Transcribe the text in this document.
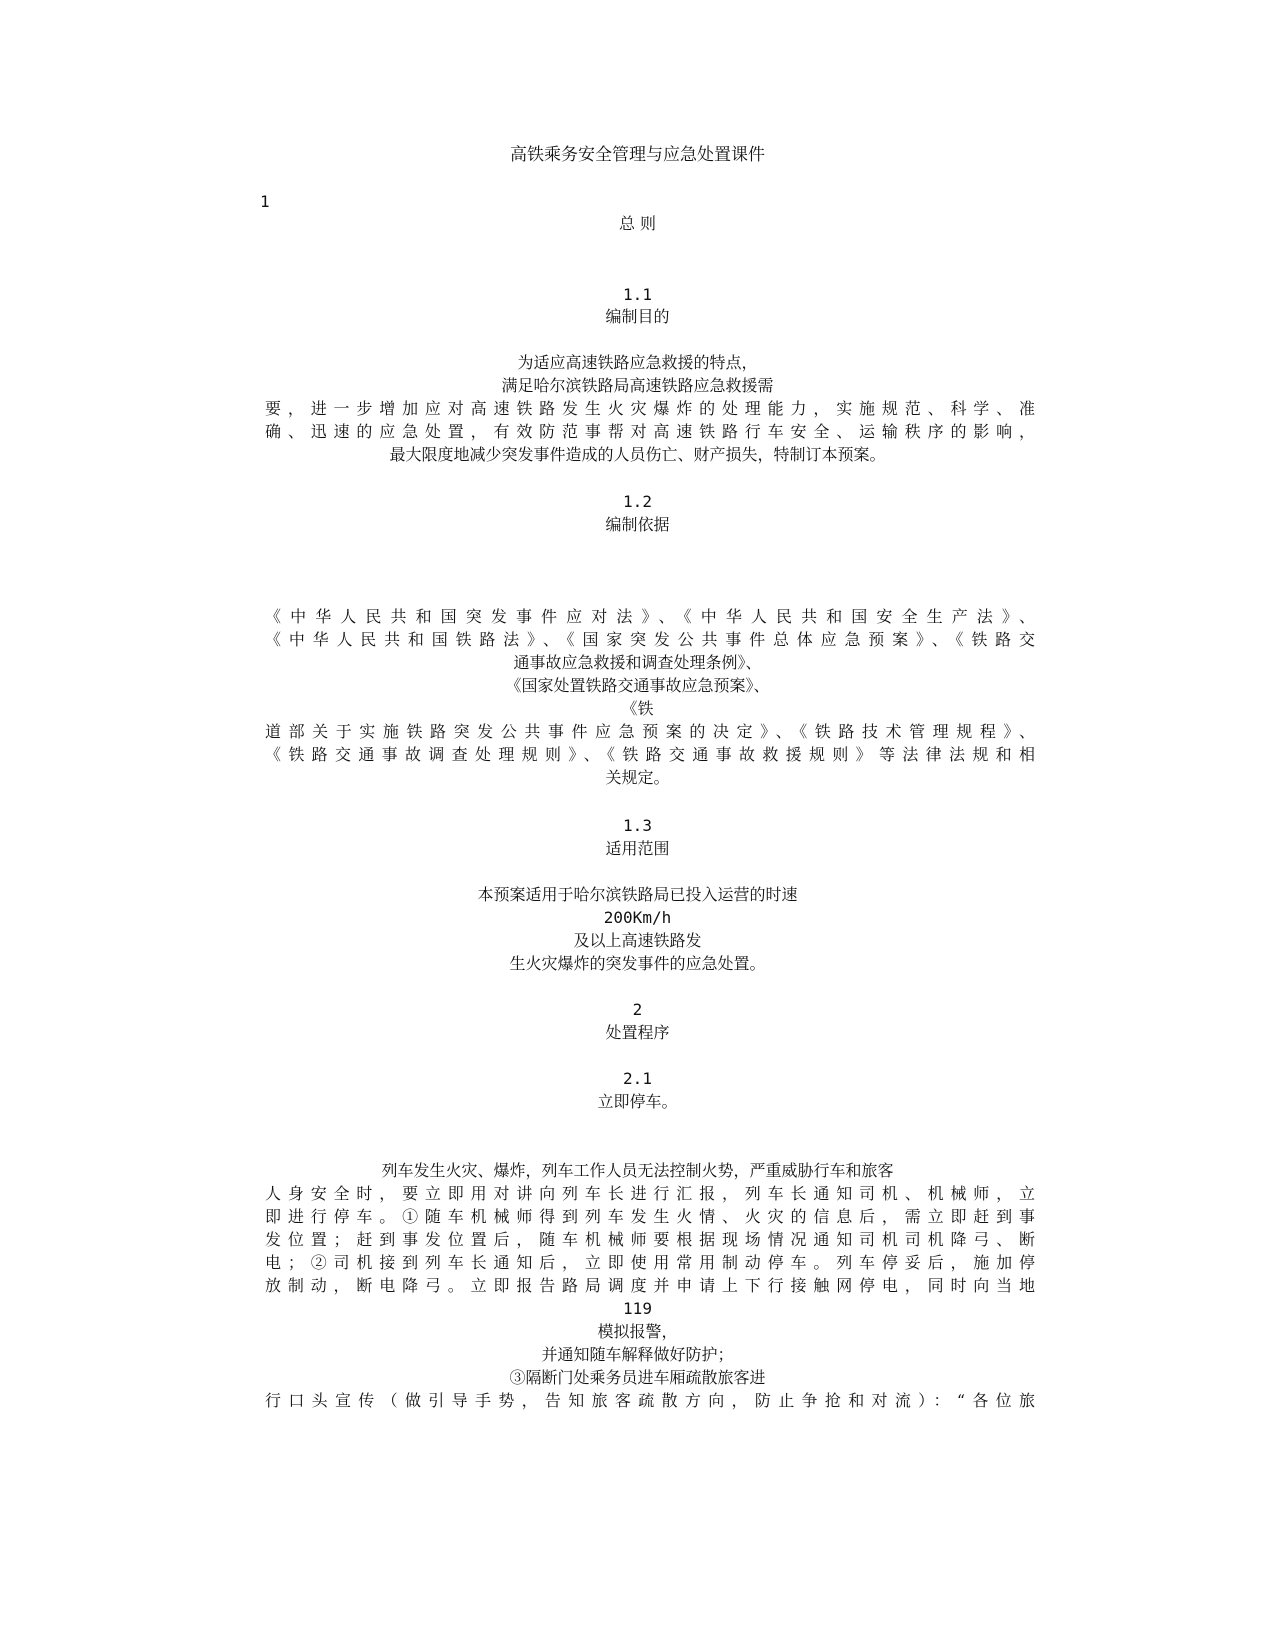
高铁乘务安全管理与应急处置课件

1

总 则

1.1

编制目的

为适应高速铁路应急救援的特点，

满足哈尔滨铁路局高速铁路应急救援需

要，进一步增加应对高速铁路发生火灾爆炸的处理能力，实施规范、科学、准

确、迅速的应急处置，有效防范事帮对高速铁路行车安全、运输秩序的影响，

最大限度地减少突发事件造成的人员伤亡、财产损失，特制订本预案。

1.2

编制依据

《中华人民共和国突发事件应对法》、《中华人民共和国安全生产法》、

《中华人民共和国铁路法》、《国家突发公共事件总体应急预案》、《铁路交

通事故应急救援和调查处理条例》、

《国家处置铁路交通事故应急预案》、

《铁

道部关于实施铁路突发公共事件应急预案的决定》、《铁路技术管理规程》、

《铁路交通事故调查处理规则》、《铁路交通事故救援规则》等法律法规和相

关规定。

1.3

适用范围

本预案适用于哈尔滨铁路局已投入运营的时速

200Km/h

及以上高速铁路发

生火灾爆炸的突发事件的应急处置。

2

处置程序

2.1

立即停车。

列车发生火灾、爆炸，列车工作人员无法控制火势，严重威胁行车和旅客

人身安全时，要立即用对讲向列车长进行汇报，列车长通知司机、机械师，立

即进行停车。①随车机械师得到列车发生火情、火灾的信息后，需立即赶到事

发位置；赶到事发位置后，随车机械师要根据现场情况通知司机司机降弓、断

电；②司机接到列车长通知后，立即使用常用制动停车。列车停妥后，施加停

放制动，断电降弓。立即报告路局调度并申请上下行接触网停电，同时向当地

119

模拟报警，

并通知随车解释做好防护；

③隔断门处乘务员进车厢疏散旅客进

行口头宣传（做引导手势，告知旅客疏散方向，防止争抢和对流）：“各位旅
